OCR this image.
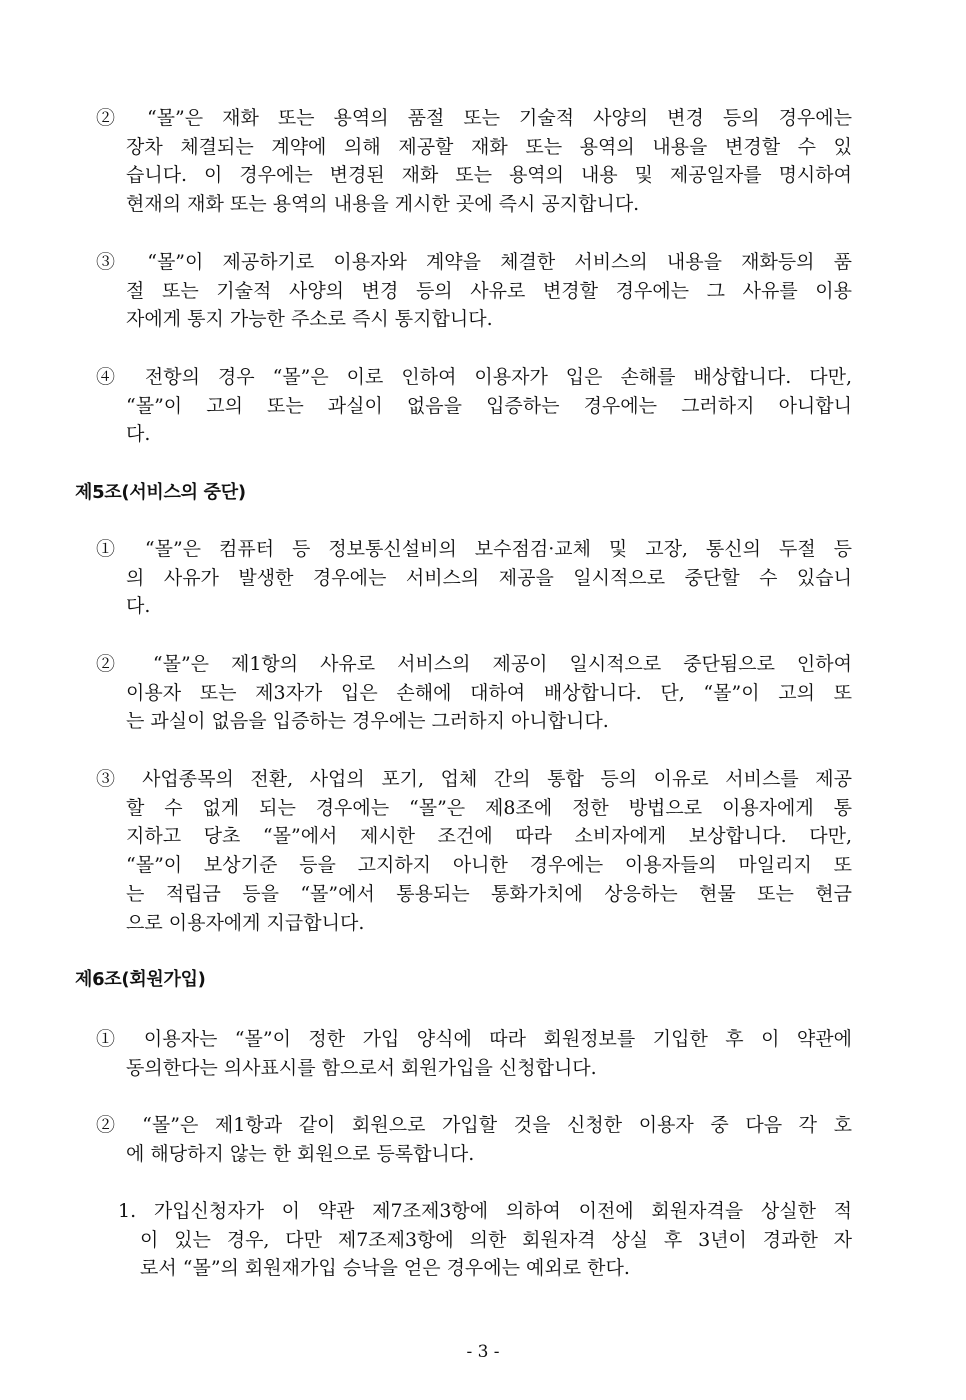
② “몰”은 재화 또는 용역의 품절 또는 기술적 사양의 변경 등의 경우에는
장차 체결되는 계약에 의해 제공할 재화 또는 용역의 내용을 변경할 수 있
습니다. 이 경우에는 변경된 재화 또는 용역의 내용 및 제공일자를 명시하여
현재의 재화 또는 용역의 내용을 게시한 곳에 즉시 공지합니다.
③ “몰”이 제공하기로 이용자와 계약을 체결한 서비스의 내용을 재화등의 품
절 또는 기술적 사양의 변경 등의 사유로 변경할 경우에는 그 사유를 이용
자에게 통지 가능한 주소로 즉시 통지합니다.
④ 전항의 경우 “몰”은 이로 인하여 이용자가 입은 손해를 배상합니다. 다만,
“몰”이 고의 또는 과실이 없음을 입증하는 경우에는 그러하지 아니합니
다.
제5조(서비스의 중단)
① “몰”은 컴퓨터 등 정보통신설비의 보수점검·교체 및 고장, 통신의 두절 등
의 사유가 발생한 경우에는 서비스의 제공을 일시적으로 중단할 수 있습니
다.
② “몰”은 제1항의 사유로 서비스의 제공이 일시적으로 중단됨으로 인하여
이용자 또는 제3자가 입은 손해에 대하여 배상합니다. 단, “몰”이 고의 또
는 과실이 없음을 입증하는 경우에는 그러하지 아니합니다.
③ 사업종목의 전환, 사업의 포기, 업체 간의 통합 등의 이유로 서비스를 제공
할 수 없게 되는 경우에는 “몰”은 제8조에 정한 방법으로 이용자에게 통
지하고 당초 “몰”에서 제시한 조건에 따라 소비자에게 보상합니다. 다만,
“몰”이 보상기준 등을 고지하지 아니한 경우에는 이용자들의 마일리지 또
는 적립금 등을 “몰”에서 통용되는 통화가치에 상응하는 현물 또는 현금
으로 이용자에게 지급합니다.
제6조(회원가입)
① 이용자는 “몰”이 정한 가입 양식에 따라 회원정보를 기입한 후 이 약관에
동의한다는 의사표시를 함으로서 회원가입을 신청합니다.
② “몰”은 제1항과 같이 회원으로 가입할 것을 신청한 이용자 중 다음 각 호
에 해당하지 않는 한 회원으로 등록합니다.
1. 가입신청자가 이 약관 제7조제3항에 의하여 이전에 회원자격을 상실한 적
이 있는 경우, 다만 제7조제3항에 의한 회원자격 상실 후 3년이 경과한 자
로서 “몰”의 회원재가입 승낙을 얻은 경우에는 예외로 한다.
- 3 -
